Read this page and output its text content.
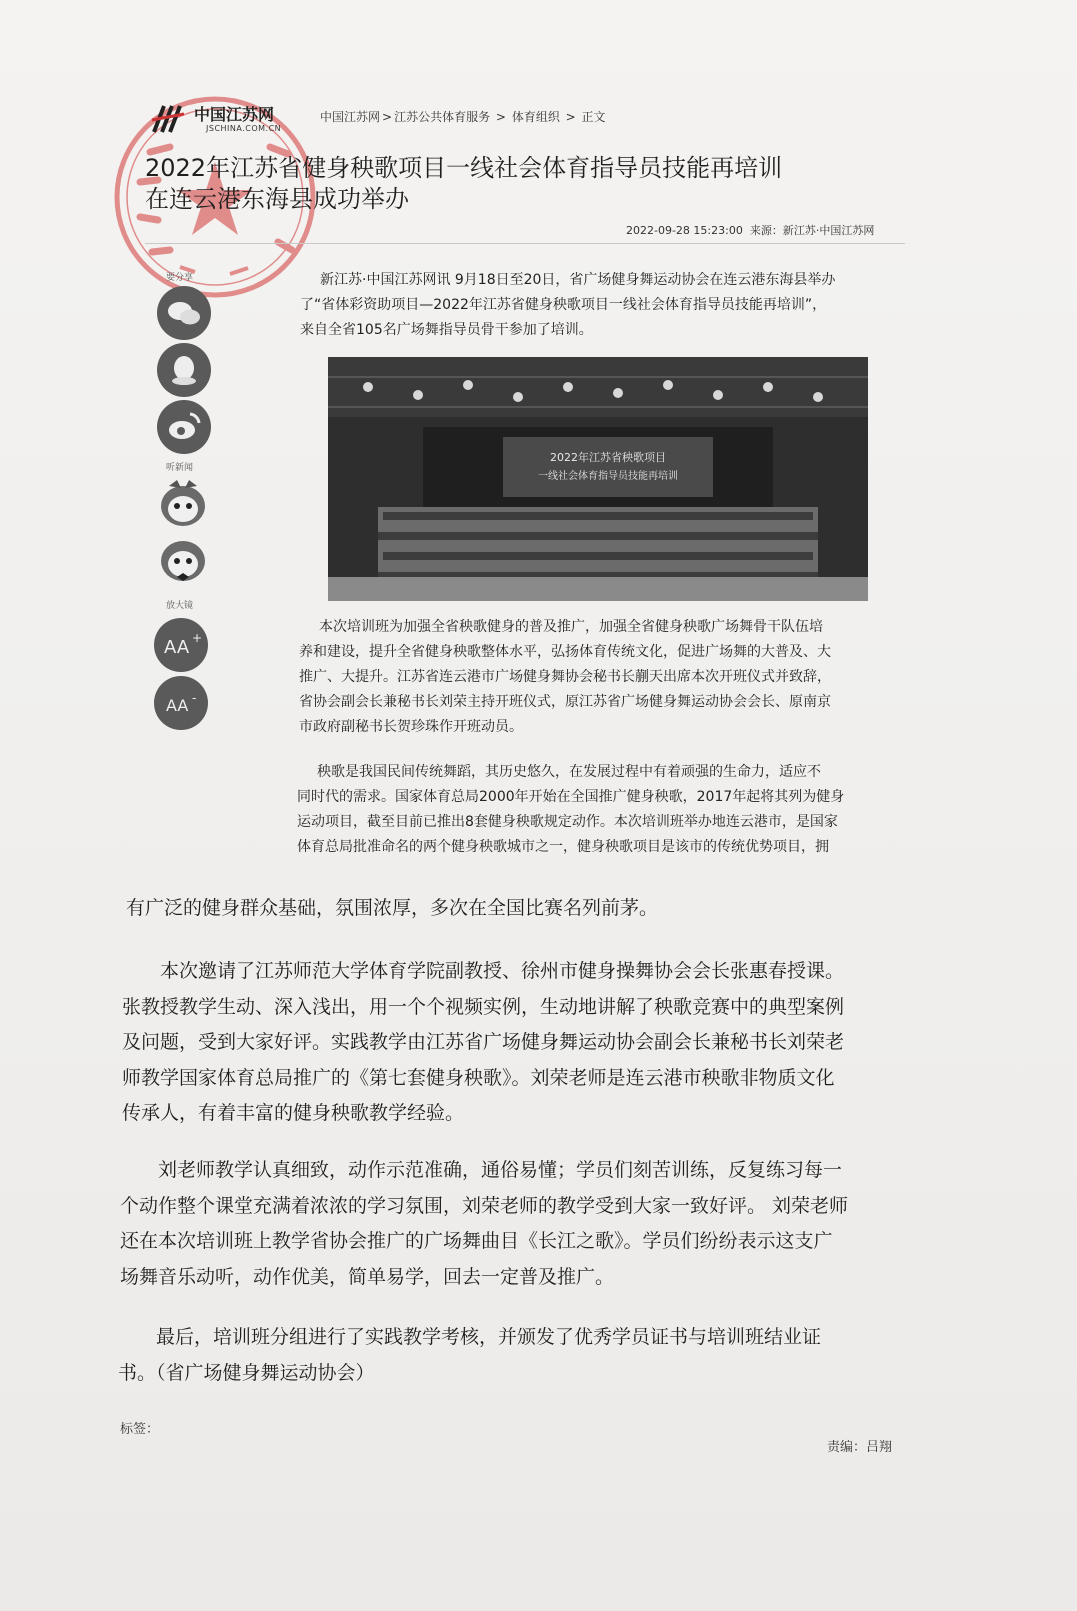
中国江苏网
JSCHINA.COM.CN
中国江苏网 > 江苏公共体育服务 > 体育组织 > 正文
2022年江苏省健身秧歌项目一线社会体育指导员技能再培训
在连云港东海县成功举办
2022-09-28 15:23:00 来源：新江苏·中国江苏网
要分享
听新闻
放大镜
AA +
AA -
新江苏·中国江苏网讯 9月18日至20日，省广场健身舞运动协会在连云港东海县举办
了“省体彩资助项目—2022年江苏省健身秧歌项目一线社会体育指导员技能再培训”，
来自全省105名广场舞指导员骨干参加了培训。
2022年江苏省秧歌项目
一线社会体育指导员技能再培训
本次培训班为加强全省秧歌健身的普及推广，加强全省健身秧歌广场舞骨干队伍培
养和建设，提升全省健身秧歌整体水平，弘扬体育传统文化，促进广场舞的大普及、大
推广、大提升。江苏省连云港市广场健身舞协会秘书长蒯天出席本次开班仪式并致辞，
省协会副会长兼秘书长刘荣主持开班仪式，原江苏省广场健身舞运动协会会长、原南京
市政府副秘书长贺珍珠作开班动员。
秧歌是我国民间传统舞蹈，其历史悠久，在发展过程中有着顽强的生命力，适应不
同时代的需求。国家体育总局2000年开始在全国推广健身秧歌，2017年起将其列为健身
运动项目，截至目前已推出8套健身秧歌规定动作。本次培训班举办地连云港市，是国家
体育总局批准命名的两个健身秧歌城市之一，健身秧歌项目是该市的传统优势项目，拥
有广泛的健身群众基础，氛围浓厚，多次在全国比赛名列前茅。
本次邀请了江苏师范大学体育学院副教授、徐州市健身操舞协会会长张惠春授课。
张教授教学生动、深入浅出，用一个个视频实例，生动地讲解了秧歌竞赛中的典型案例
及问题，受到大家好评。实践教学由江苏省广场健身舞运动协会副会长兼秘书长刘荣老
师教学国家体育总局推广的《第七套健身秧歌》。刘荣老师是连云港市秧歌非物质文化
传承人，有着丰富的健身秧歌教学经验。
刘老师教学认真细致，动作示范准确，通俗易懂；学员们刻苦训练，反复练习每一
个动作整个课堂充满着浓浓的学习氛围，刘荣老师的教学受到大家一致好评。 刘荣老师
还在本次培训班上教学省协会推广的广场舞曲目《长江之歌》。学员们纷纷表示这支广
场舞音乐动听，动作优美，简单易学，回去一定普及推广。
最后，培训班分组进行了实践教学考核，并颁发了优秀学员证书与培训班结业证
书。（省广场健身舞运动协会）
标签：
责编：吕翔
